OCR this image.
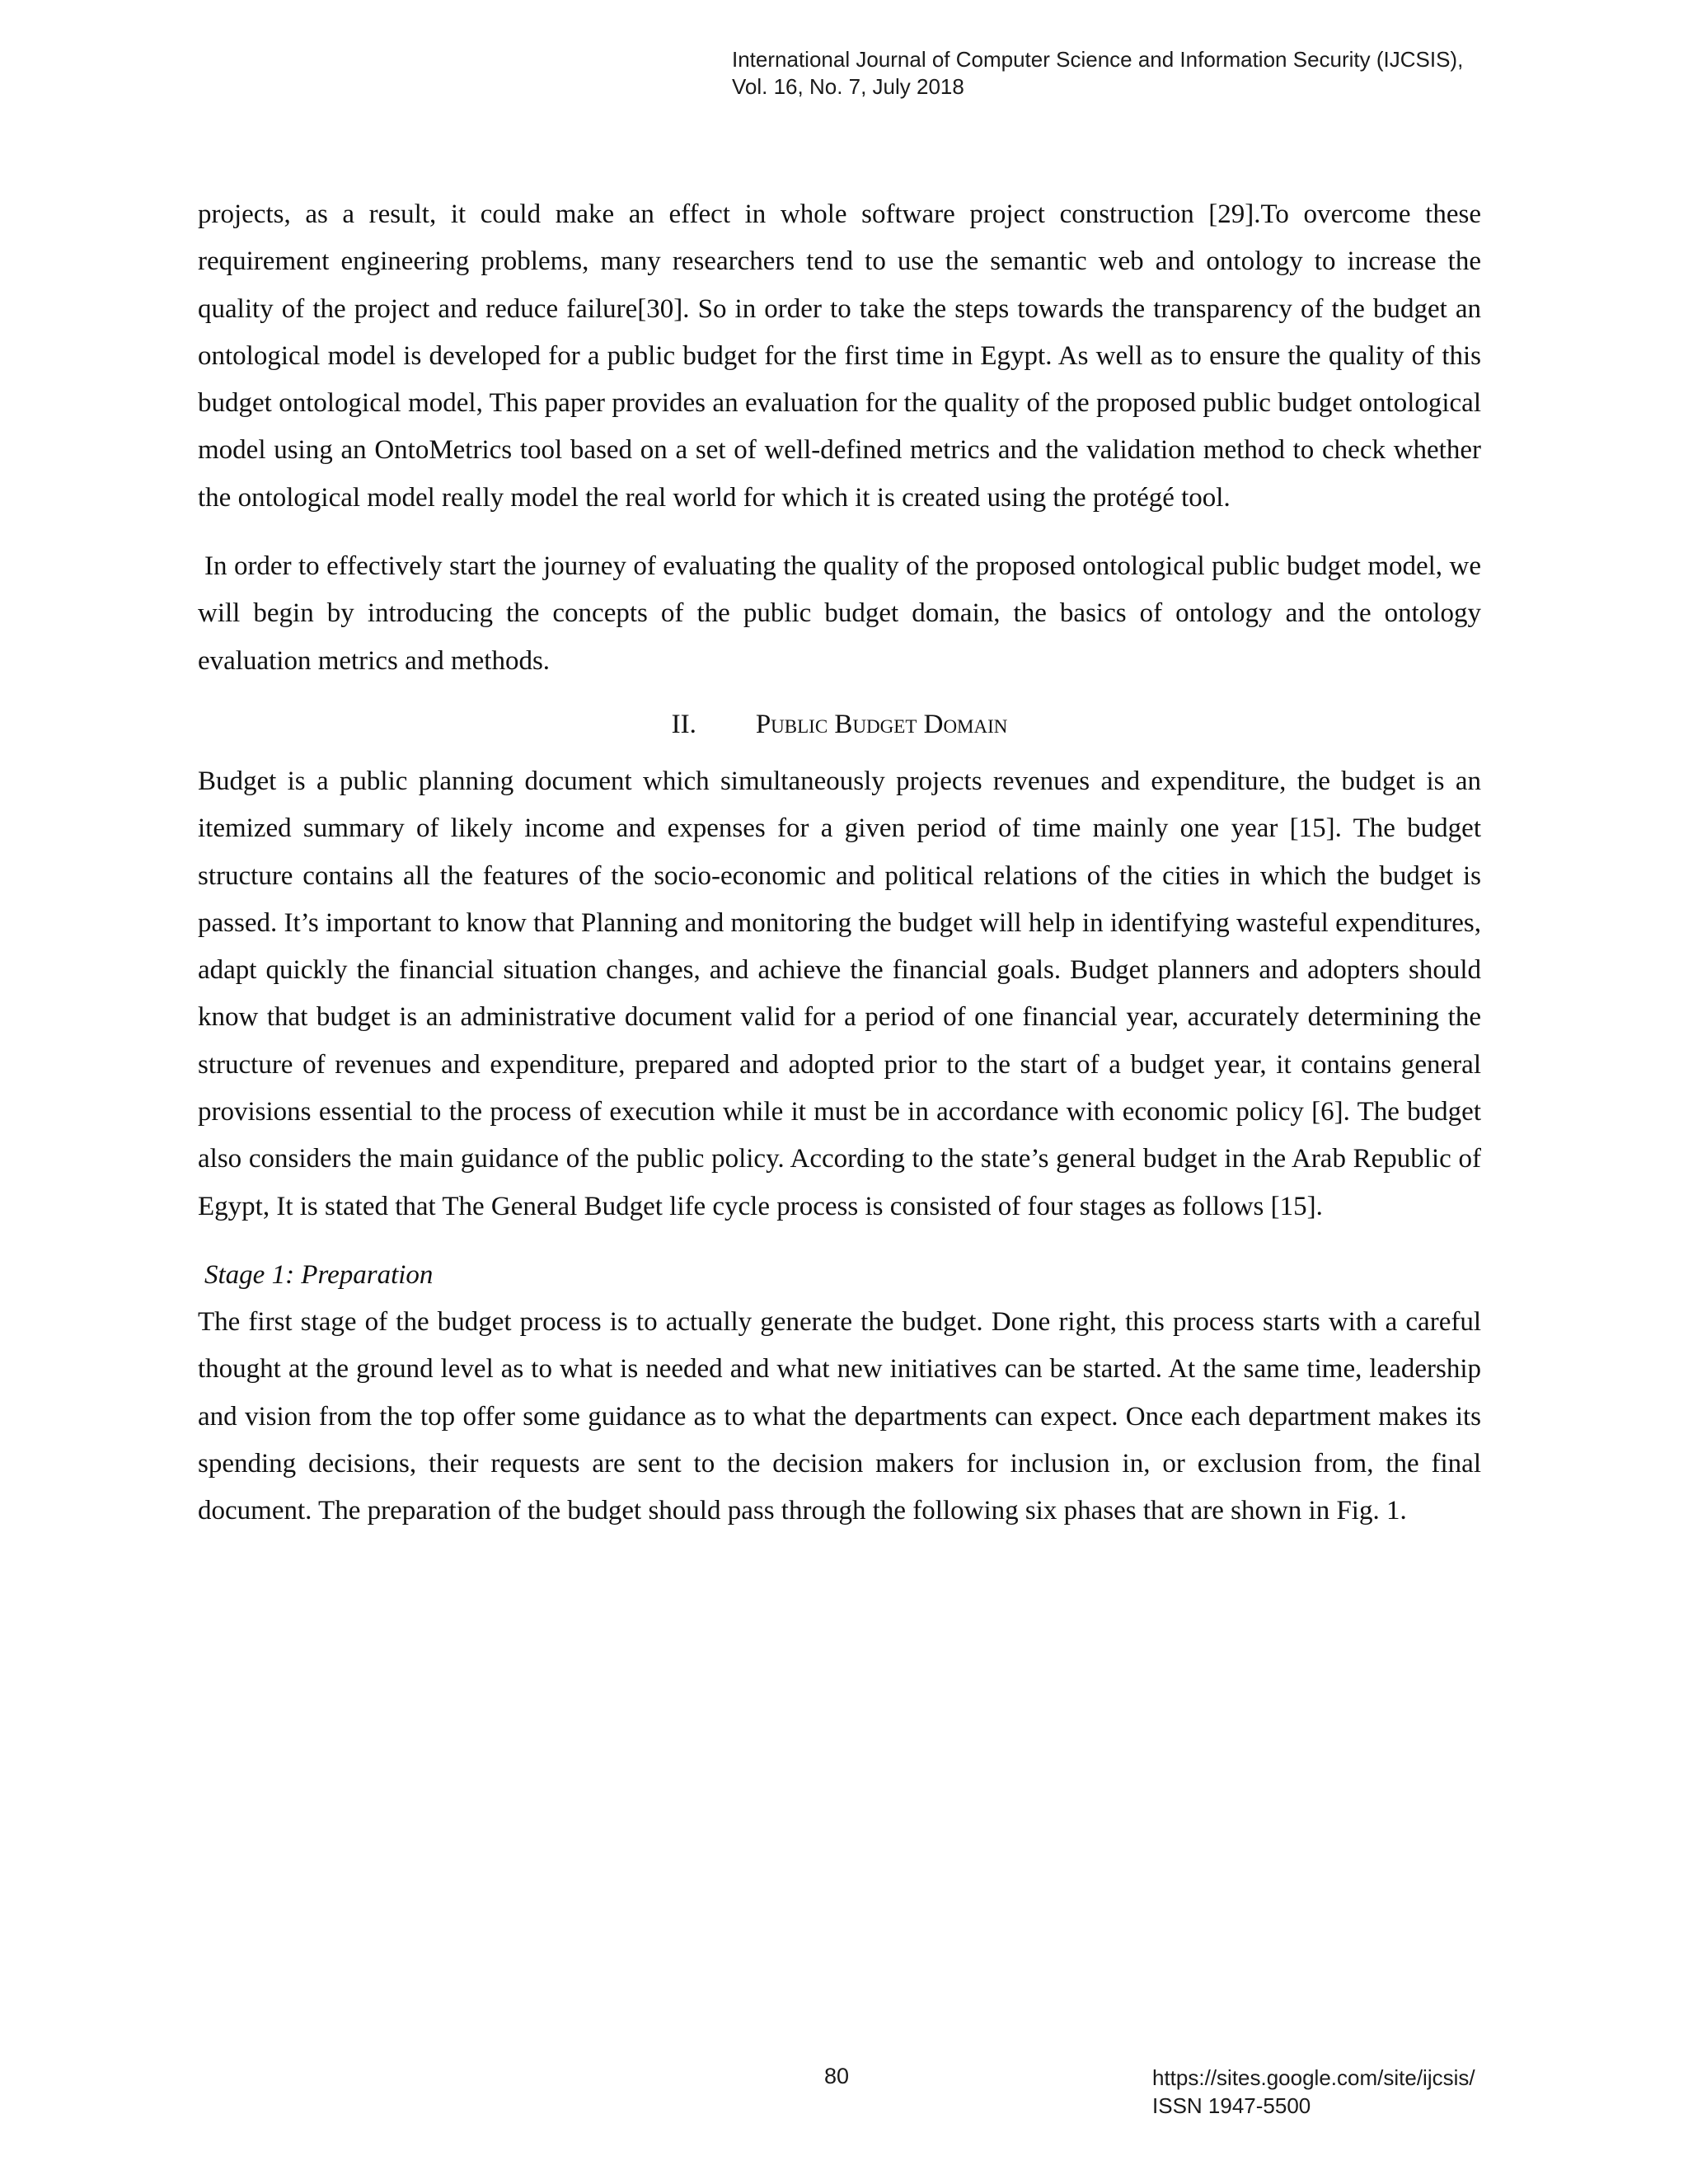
International Journal of Computer Science and Information Security (IJCSIS),
Vol. 16, No. 7, July 2018

projects, as a result, it could make an effect in whole software project construction [29].To overcome these requirement engineering problems, many researchers tend to use the semantic web and ontology to increase the quality of the project and reduce failure[30]. So in order to take the steps towards the transparency of the budget an ontological model is developed for a public budget for the first time in Egypt. As well as to ensure the quality of this budget ontological model, This paper provides an evaluation for the quality of the proposed public budget ontological model using an OntoMetrics tool based on a set of well-defined metrics and the validation method to check whether the ontological model really model the real world for which it is created using the protégé tool.

In order to effectively start the journey of evaluating the quality of the proposed ontological public budget model, we will begin by introducing the concepts of the public budget domain, the basics of ontology and the ontology evaluation metrics and methods.

II. Public Budget Domain

Budget is a public planning document which simultaneously projects revenues and expenditure, the budget is an itemized summary of likely income and expenses for a given period of time mainly one year [15]. The budget structure contains all the features of the socio-economic and political relations of the cities in which the budget is passed. It’s important to know that Planning and monitoring the budget will help in identifying wasteful expenditures, adapt quickly the financial situation changes, and achieve the financial goals. Budget planners and adopters should know that budget is an administrative document valid for a period of one financial year, accurately determining the structure of revenues and expenditure, prepared and adopted prior to the start of a budget year, it contains general provisions essential to the process of execution while it must be in accordance with economic policy [6]. The budget also considers the main guidance of the public policy. According to the state’s general budget in the Arab Republic of Egypt, It is stated that The General Budget life cycle process is consisted of four stages as follows [15].

Stage 1: Preparation

The first stage of the budget process is to actually generate the budget. Done right, this process starts with a careful thought at the ground level as to what is needed and what new initiatives can be started. At the same time, leadership and vision from the top offer some guidance as to what the departments can expect. Once each department makes its spending decisions, their requests are sent to the decision makers for inclusion in, or exclusion from, the final document. The preparation of the budget should pass through the following six phases that are shown in Fig. 1.

80	https://sites.google.com/site/ijcsis/
ISSN 1947-5500
